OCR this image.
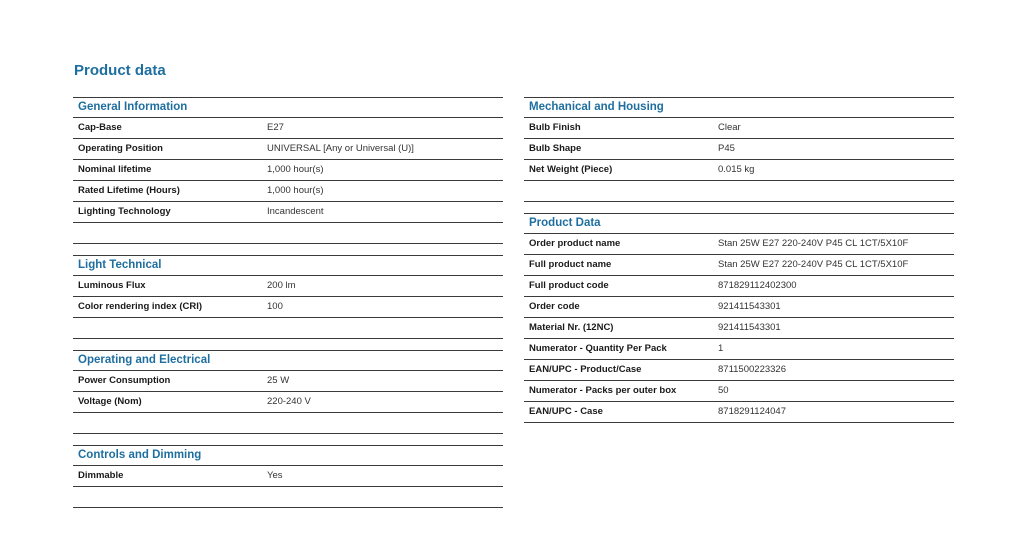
Product data
General Information
Cap-Base	E27
Operating Position	UNIVERSAL [Any or Universal (U)]
Nominal lifetime	1,000 hour(s)
Rated Lifetime (Hours)	1,000 hour(s)
Lighting Technology	Incandescent
Light Technical
Luminous Flux	200 lm
Color rendering index (CRI)	100
Operating and Electrical
Power Consumption	25 W
Voltage (Nom)	220-240 V
Controls and Dimming
Dimmable	Yes
Mechanical and Housing
Bulb Finish	Clear
Bulb Shape	P45
Net Weight (Piece)	0.015 kg
Product Data
Order product name	Stan 25W E27 220-240V P45 CL 1CT/5X10F
Full product name	Stan 25W E27 220-240V P45 CL 1CT/5X10F
Full product code	871829112402300
Order code	921411543301
Material Nr. (12NC)	921411543301
Numerator - Quantity Per Pack	1
EAN/UPC - Product/Case	8711500223326
Numerator - Packs per outer box	50
EAN/UPC - Case	8718291124047
